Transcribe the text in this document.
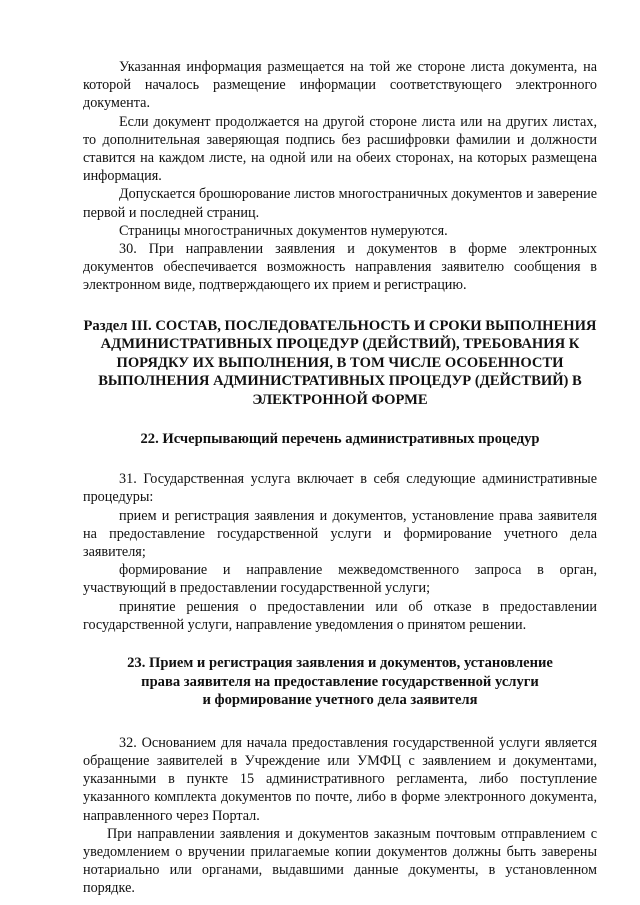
Указанная информация размещается на той же стороне листа документа, на которой началось размещение информации соответствующего электронного документа.

Если документ продолжается на другой стороне листа или на других листах, то дополнительная заверяющая подпись без расшифровки фамилии и должности ставится на каждом листе, на одной или на обеих сторонах, на которых размещена информация.

Допускается брошюрование листов многостраничных документов и заверение первой и последней страниц.

Страницы многостраничных документов нумеруются.

30. При направлении заявления и документов в форме электронных документов обеспечивается возможность направления заявителю сообщения в электронном виде, подтверждающего их прием и регистрацию.

Раздел III. СОСТАВ, ПОСЛЕДОВАТЕЛЬНОСТЬ И СРОКИ ВЫПОЛНЕНИЯ АДМИНИСТРАТИВНЫХ ПРОЦЕДУР (ДЕЙСТВИЙ), ТРЕБОВАНИЯ К ПОРЯДКУ ИХ ВЫПОЛНЕНИЯ, В ТОМ ЧИСЛЕ ОСОБЕННОСТИ ВЫПОЛНЕНИЯ АДМИНИСТРАТИВНЫХ ПРОЦЕДУР (ДЕЙСТВИЙ) В ЭЛЕКТРОННОЙ ФОРМЕ
22. Исчерпывающий перечень административных процедур

31. Государственная услуга включает в себя следующие административные процедуры:

прием и регистрация заявления и документов, установление права заявителя на предоставление государственной услуги и формирование учетного дела заявителя;

формирование и направление межведомственного запроса в орган, участвующий в предоставлении государственной услуги;

принятие решения о предоставлении или об отказе в предоставлении государственной услуги, направление уведомления о принятом решении.

23. Прием и регистрация заявления и документов, установление
права заявителя на предоставление государственной услуги
и формирование учетного дела заявителя

32. Основанием для начала предоставления государственной услуги является обращение заявителей в Учреждение или УМФЦ с заявлением и документами, указанными в пункте 15 административного регламента, либо поступление указанного комплекта документов по почте, либо в форме электронного документа, направленного через Портал.

При направлении заявления и документов заказным почтовым отправлением с уведомлением о вручении прилагаемые копии документов должны быть заверены нотариально или органами, выдавшими данные документы, в установленном порядке.
